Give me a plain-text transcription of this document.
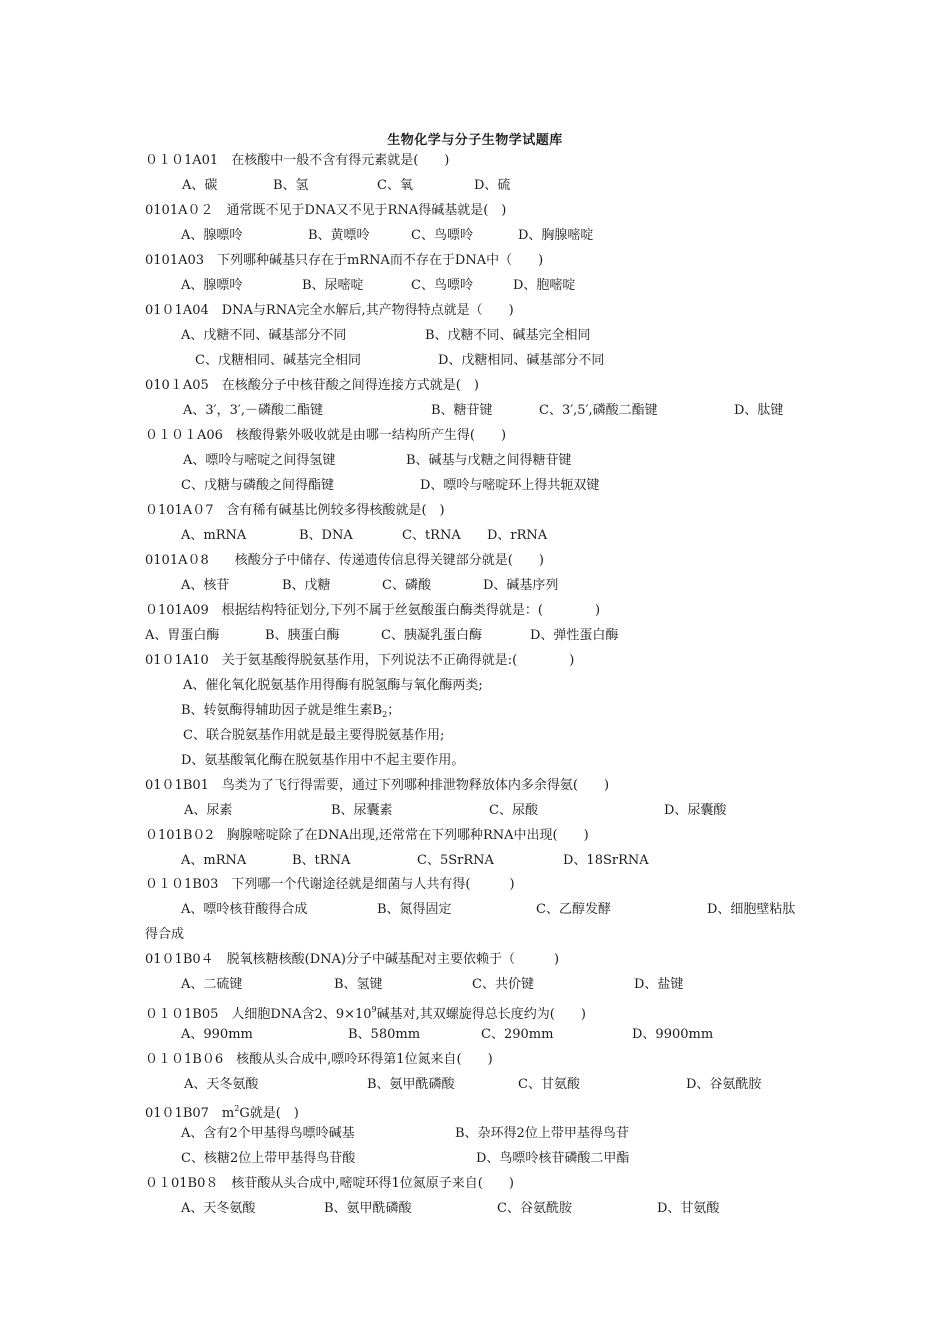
生物化学与分子生物学试题库
０１０1A01　在核酸中一般不含有得元素就是(　　)
A、碳	B、氢	C、氧	D、硫
0101A０２　通常既不见于DNA又不见于RNA得碱基就是(　)
A、腺嘌呤	B、黄嘌呤	C、鸟嘌呤	D、胸腺嘧啶
0101A03　下列哪种碱基只存在于mRNA而不存在于DNA中（　　)
A、腺嘌呤	B、尿嘧啶	C、鸟嘌呤	D、胞嘧啶
01０1A04　DNA与RNA完全水解后,其产物得特点就是（　　)
A、戊糖不同、碱基部分不同	B、戊糖不同、碱基完全相同
C、戊糖相同、碱基完全相同	D、戊糖相同、碱基部分不同
010１A05　在核酸分子中核苷酸之间得连接方式就是(　)
A、3′，3′,－磷酸二酯键	B、糖苷键	C、3′,5′,磷酸二酯键	D、肽键
０１０１A06　核酸得紫外吸收就是由哪一结构所产生得(　　)
A、嘌呤与嘧啶之间得氢键	B、碱基与戊糖之间得糖苷键
C、戊糖与磷酸之间得酯键	D、嘌呤与嘧啶环上得共轭双键
０101A０7　含有稀有碱基比例较多得核酸就是(　)
A、mRNA	B、DNA	C、tRNA D、rRNA
0101A０8　　核酸分子中储存、传递遗传信息得关键部分就是(　　)
A、核苷	B、戊糖	C、磷酸	D、碱基序列
０101A09　根据结构特征划分,下列不属于丝氨酸蛋白酶类得就是：(　　　　)
A、胃蛋白酶	B、胰蛋白酶	C、胰凝乳蛋白酶	D、弹性蛋白酶
01０1A10　关于氨基酸得脱氨基作用，下列说法不正确得就是:(　　　　)
A、催化氧化脱氨基作用得酶有脱氢酶与氧化酶两类;
B、转氨酶得辅助因子就是维生素$B_2$；
C、联合脱氨基作用就是最主要得脱氨基作用;
D、氨基酸氧化酶在脱氨基作用中不起主要作用。
01０1B01　鸟类为了飞行得需要，通过下列哪种排泄物释放体内多余得氨(　　)
A、尿素	B、尿囊素	C、尿酸	D、尿囊酸
０101B０2　胸腺嘧啶除了在DNA出现,还常常在下列哪种RNA中出现(　　)
A、mRNA	B、tRNA	C、5SrRNA	D、18SrRNA
０１０1B03　下列哪一个代谢途径就是细菌与人共有得(　　　)
A、嘌呤核苷酸得合成	B、氮得固定	C、乙醇发酵	D、细胞壁粘肽
得合成
01０1B0４　脱氧核糖核酸(DNA)分子中碱基配对主要依赖于（　　　)
A、二硫键	B、氢键	C、共价键	D、盐键
０１０1B05　人细胞DNA含2、$9\times 10^9$碱基对,其双螺旋得总长度约为(　　)
A、990mm	B、580mm	C、290mm	D、9900mm
０１０1B０6　核酸从头合成中,嘌呤环得第1位氮来自(　　)
A、天冬氨酸	B、氨甲酰磷酸	C、甘氨酸	D、谷氨酰胺
01０1B07　$m^2G$就是(　)
A、含有2个甲基得鸟嘌呤碱基	B、杂环得2位上带甲基得鸟苷
C、核糖2位上带甲基得鸟苷酸	D、鸟嘌呤核苷磷酸二甲酯
０１01B0８　核苷酸从头合成中,嘧啶环得1位氮原子来自(　　)
A、天冬氨酸	B、氨甲酰磷酸	C、谷氨酰胺	D、甘氨酸
